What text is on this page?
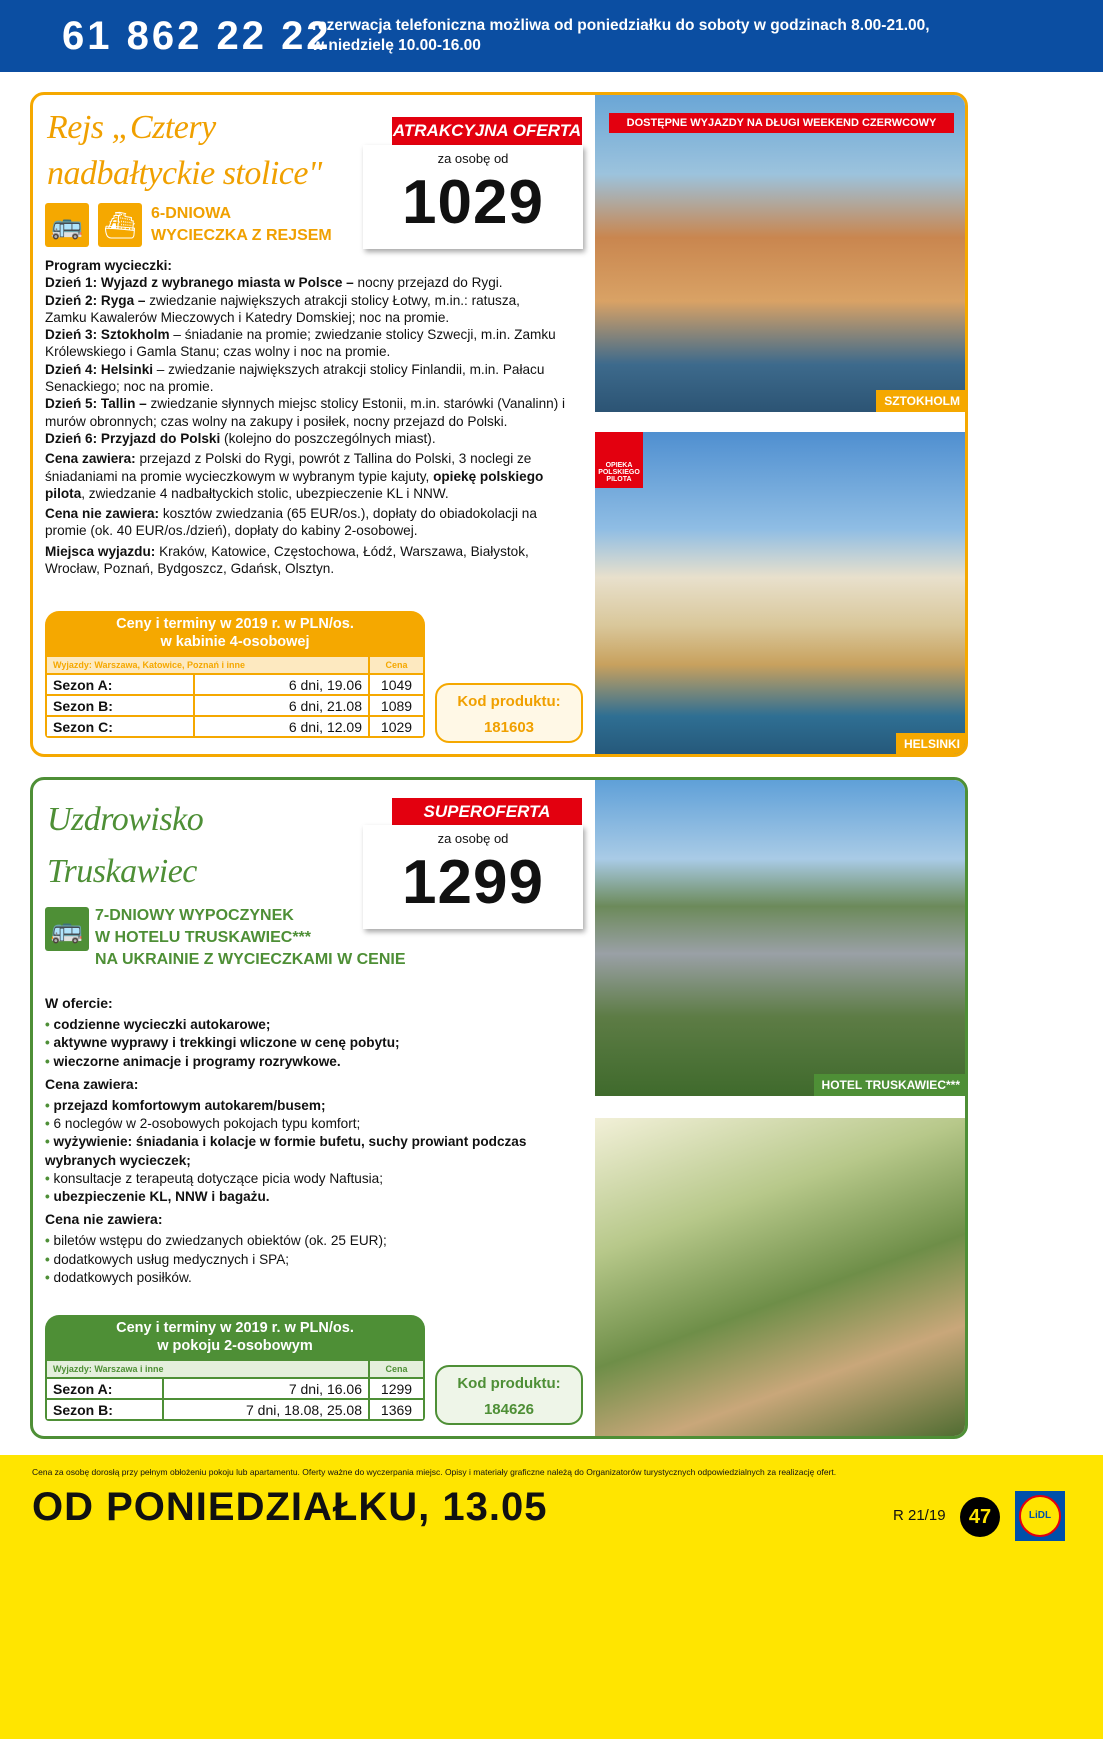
61 862 22 22
rezerwacja telefoniczna możliwa od poniedziałku do soboty w godzinach 8.00-21.00,
w niedzielę 10.00-16.00
Rejs „Cztery
nadbałtyckie stolice"
ATRAKCYJNA OFERTA
za osobę od
1029
🚌 ⛴ 6-DNIOWA
WYCIECZKA Z REJSEM

Program wycieczki:

Dzień 1: Wyjazd z wybranego miasta w Polsce – nocny przejazd do Rygi.

Dzień 2: Ryga – zwiedzanie największych atrakcji stolicy Łotwy, m.in.: ratusza, Zamku Kawalerów Mieczowych i Katedry Domskiej; noc na promie.

Dzień 3: Sztokholm – śniadanie na promie; zwiedzanie stolicy Szwecji, m.in. Zamku Królewskiego i Gamla Stanu; czas wolny i noc na promie.

Dzień 4: Helsinki – zwiedzanie największych atrakcji stolicy Finlandii, m.in. Pałacu Senackiego; noc na promie.

Dzień 5: Tallin – zwiedzanie słynnych miejsc stolicy Estonii, m.in. starówki (Vanalinn) i murów obronnych; czas wolny na zakupy i posiłek, nocny przejazd do Polski.

Dzień 6: Przyjazd do Polski (kolejno do poszczególnych miast).

Cena zawiera: przejazd z Polski do Rygi, powrót z Tallina do Polski, 3 noclegi ze śniadaniami na promie wycieczkowym w wybranym typie kajuty, opiekę polskiego pilota, zwiedzanie 4 nadbałtyckich stolic, ubezpieczenie KL i NNW.

Cena nie zawiera: kosztów zwiedzania (65 EUR/os.), dopłaty do obiadokolacji na promie (ok. 40 EUR/os./dzień), dopłaty do kabiny 2-osobowej.

Miejsca wyjazdu: Kraków, Katowice, Częstochowa, Łódź, Warszawa, Białystok, Wrocław, Poznań, Bydgoszcz, Gdańsk, Olsztyn.

Ceny i terminy w 2019 r. w PLN/os.
w kabinie 4-osobowej
Wyjazdy: Warszawa, Katowice, Poznań i inne		Cena
Sezon A:	6 dni, 19.06	1049
Sezon B:	6 dni, 21.08	1089
Sezon C:	6 dni, 12.09	1029
Kod produktu:
181603
DOSTĘPNE WYJAZDY NA DŁUGI WEEKEND CZERWCOWY
SZTOKHOLM
OPIEKA POLSKIEGO PILOTA
HELSINKI
Uzdrowisko
Truskawiec
SUPEROFERTA
za osobę od
1299
🚌 7-DNIOWY WYPOCZYNEK
W HOTELU TRUSKAWIEC***
NA UKRAINIE Z WYCIECZKAMI W CENIE
W ofercie:
• codzienne wycieczki autokarowe;
• aktywne wyprawy i trekkingi wliczone w cenę pobytu;
• wieczorne animacje i programy rozrywkowe.
Cena zawiera:
• przejazd komfortowym autokarem/busem;
• 6 noclegów w 2-osobowych pokojach typu komfort;
• wyżywienie: śniadania i kolacje w formie bufetu, suchy prowiant podczas wybranych wycieczek;
• konsultacje z terapeutą dotyczące picia wody Naftusia;
• ubezpieczenie KL, NNW i bagażu.
Cena nie zawiera:
• biletów wstępu do zwiedzanych obiektów (ok. 25 EUR);
• dodatkowych usług medycznych i SPA;
• dodatkowych posiłków.
Ceny i terminy w 2019 r. w PLN/os.
w pokoju 2-osobowym
Wyjazdy: Warszawa i inne		Cena
Sezon A:	7 dni, 16.06	1299
Sezon B:	7 dni, 18.08, 25.08	1369
Kod produktu:
184626
HOTEL TRUSKAWIEC***
Cena za osobę dorosłą przy pełnym obłożeniu pokoju lub apartamentu. Oferty ważne do wyczerpania miejsc. Opisy i materiały graficzne należą do Organizatorów turystycznych odpowiedzialnych za realizację ofert.
OD PONIEDZIAŁKU, 13.05	R 21/19	47	LiDL
